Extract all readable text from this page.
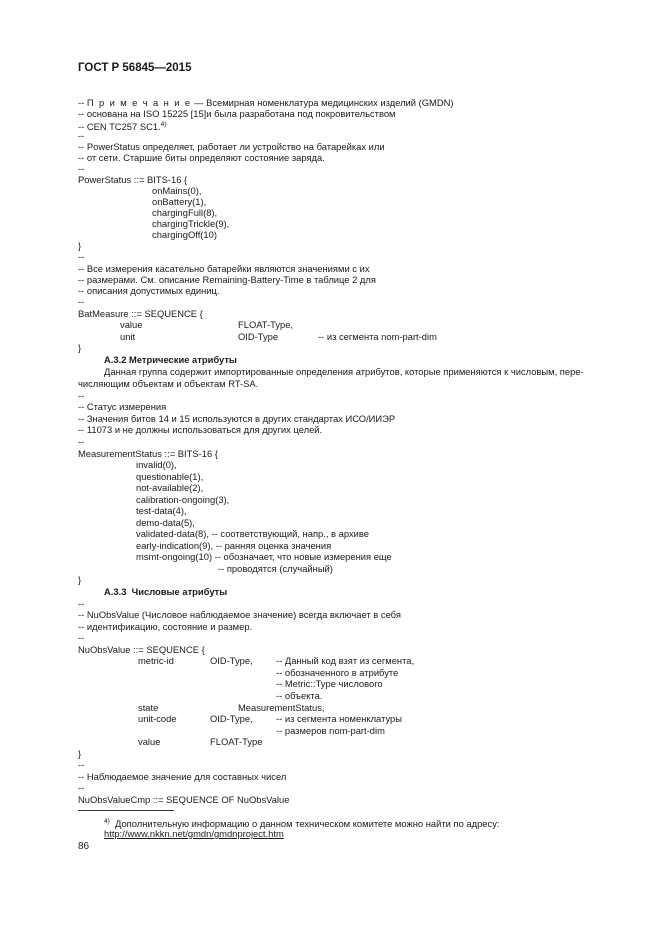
ГОСТ Р 56845—2015
-- П р и м е ч а н и е — Всемирная номенклатура медицинских изделий (GMDN)
-- основана на ISO 15225 [15]и была разработана под покровительством
-- CEN TC257 SC1.$^{4)}$
--
-- PowerStatus определяет, работает ли устройство на батарейках или
-- от сети. Старшие биты определяют состояние заряда.
--
PowerStatus ::= BITS-16 {
onMains(0),
onBattery(1),
chargingFull(8),
chargingTrickle(9),
chargingOff(10)
}
--
-- Все измерения касательно батарейки являются значениями с их
-- размерами. См. описание Remaining-Battery-Time в таблице 2 для
-- описания допустимых единиц.
--
BatMeasure ::= SEQUENCE {
value	FLOAT-Type,
unit	OID-Type	-- из сегмента nom-part-dim
}
А.3.2 Метрические атрибуты
Данная группа содержит импортированные определения атрибутов, которые применяются к числовым, пере-
числяющим объектам и объектам RT-SA.
--
-- Статус измерения
-- Значения битов 14 и 15 используются в других стандартах ИСО/ИИЭР
-- 11073 и не должны использоваться для других целей.
--
MeasurementStatus ::= BITS-16 {
invalid(0),
questionable(1),
not-available(2),
calibration-ongoing(3),
test-data(4),
demo-data(5),
validated-data(8), -- соответствующий, напр., в архиве
early-indication(9), -- ранняя оценка значения
msmt-ongoing(10) -- обозначает, что новые измерения еще
-- проводятся (случайный)
}
А.3.3 Числовые атрибуты
--
-- NuObsValue (Числовое наблюдаемое значение) всегда включает в себя
-- идентификацию, состояние и размер.
--
NuObsValue ::= SEQUENCE {
metric-id	OID-Type, -- Данный код взят из сегмента,
-- обозначенного в атрибуте
-- Metric::Type числового
-- объекта.
state	MeasurementStatus,
unit-code	OID-Type, -- из сегмента номенклатуры
-- размеров nom-part-dim
value	FLOAT-Type
}
--
-- Наблюдаемое значение для составных чисел
--
NuObsValueCmp ::= SEQUENCE OF NuObsValue
$^{4)}$ Дополнительную информацию о данном техническом комитете можно найти по адресу:
http://www.nkkn.net/gmdn/gmdnproject.htm
86
